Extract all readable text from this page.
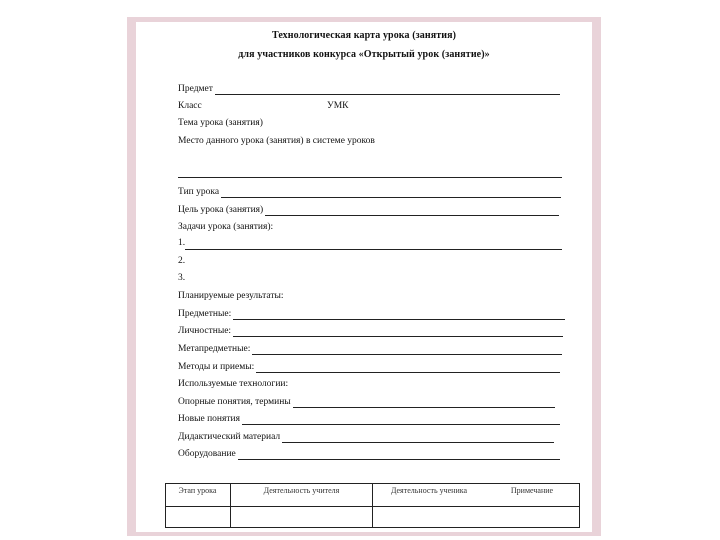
Технологическая карта урока (занятия)
для участников конкурса «Открытый урок (занятие)»
Предмет
Класс	УМК
Тема урока (занятия)
Место данного урока (занятия) в системе уроков
Тип урока
Цель урока (занятия)
Задачи урока (занятия):
1.
2.
3.
Планируемые результаты:
Предметные:
Личностные:
Метапредметные:
Методы и приемы:
Используемые технологии:
Опорные понятия, термины
Новые понятия
Дидактический материал
Оборудование
Этап урока	Деятельность учителя	Деятельность ученика	Примечание
